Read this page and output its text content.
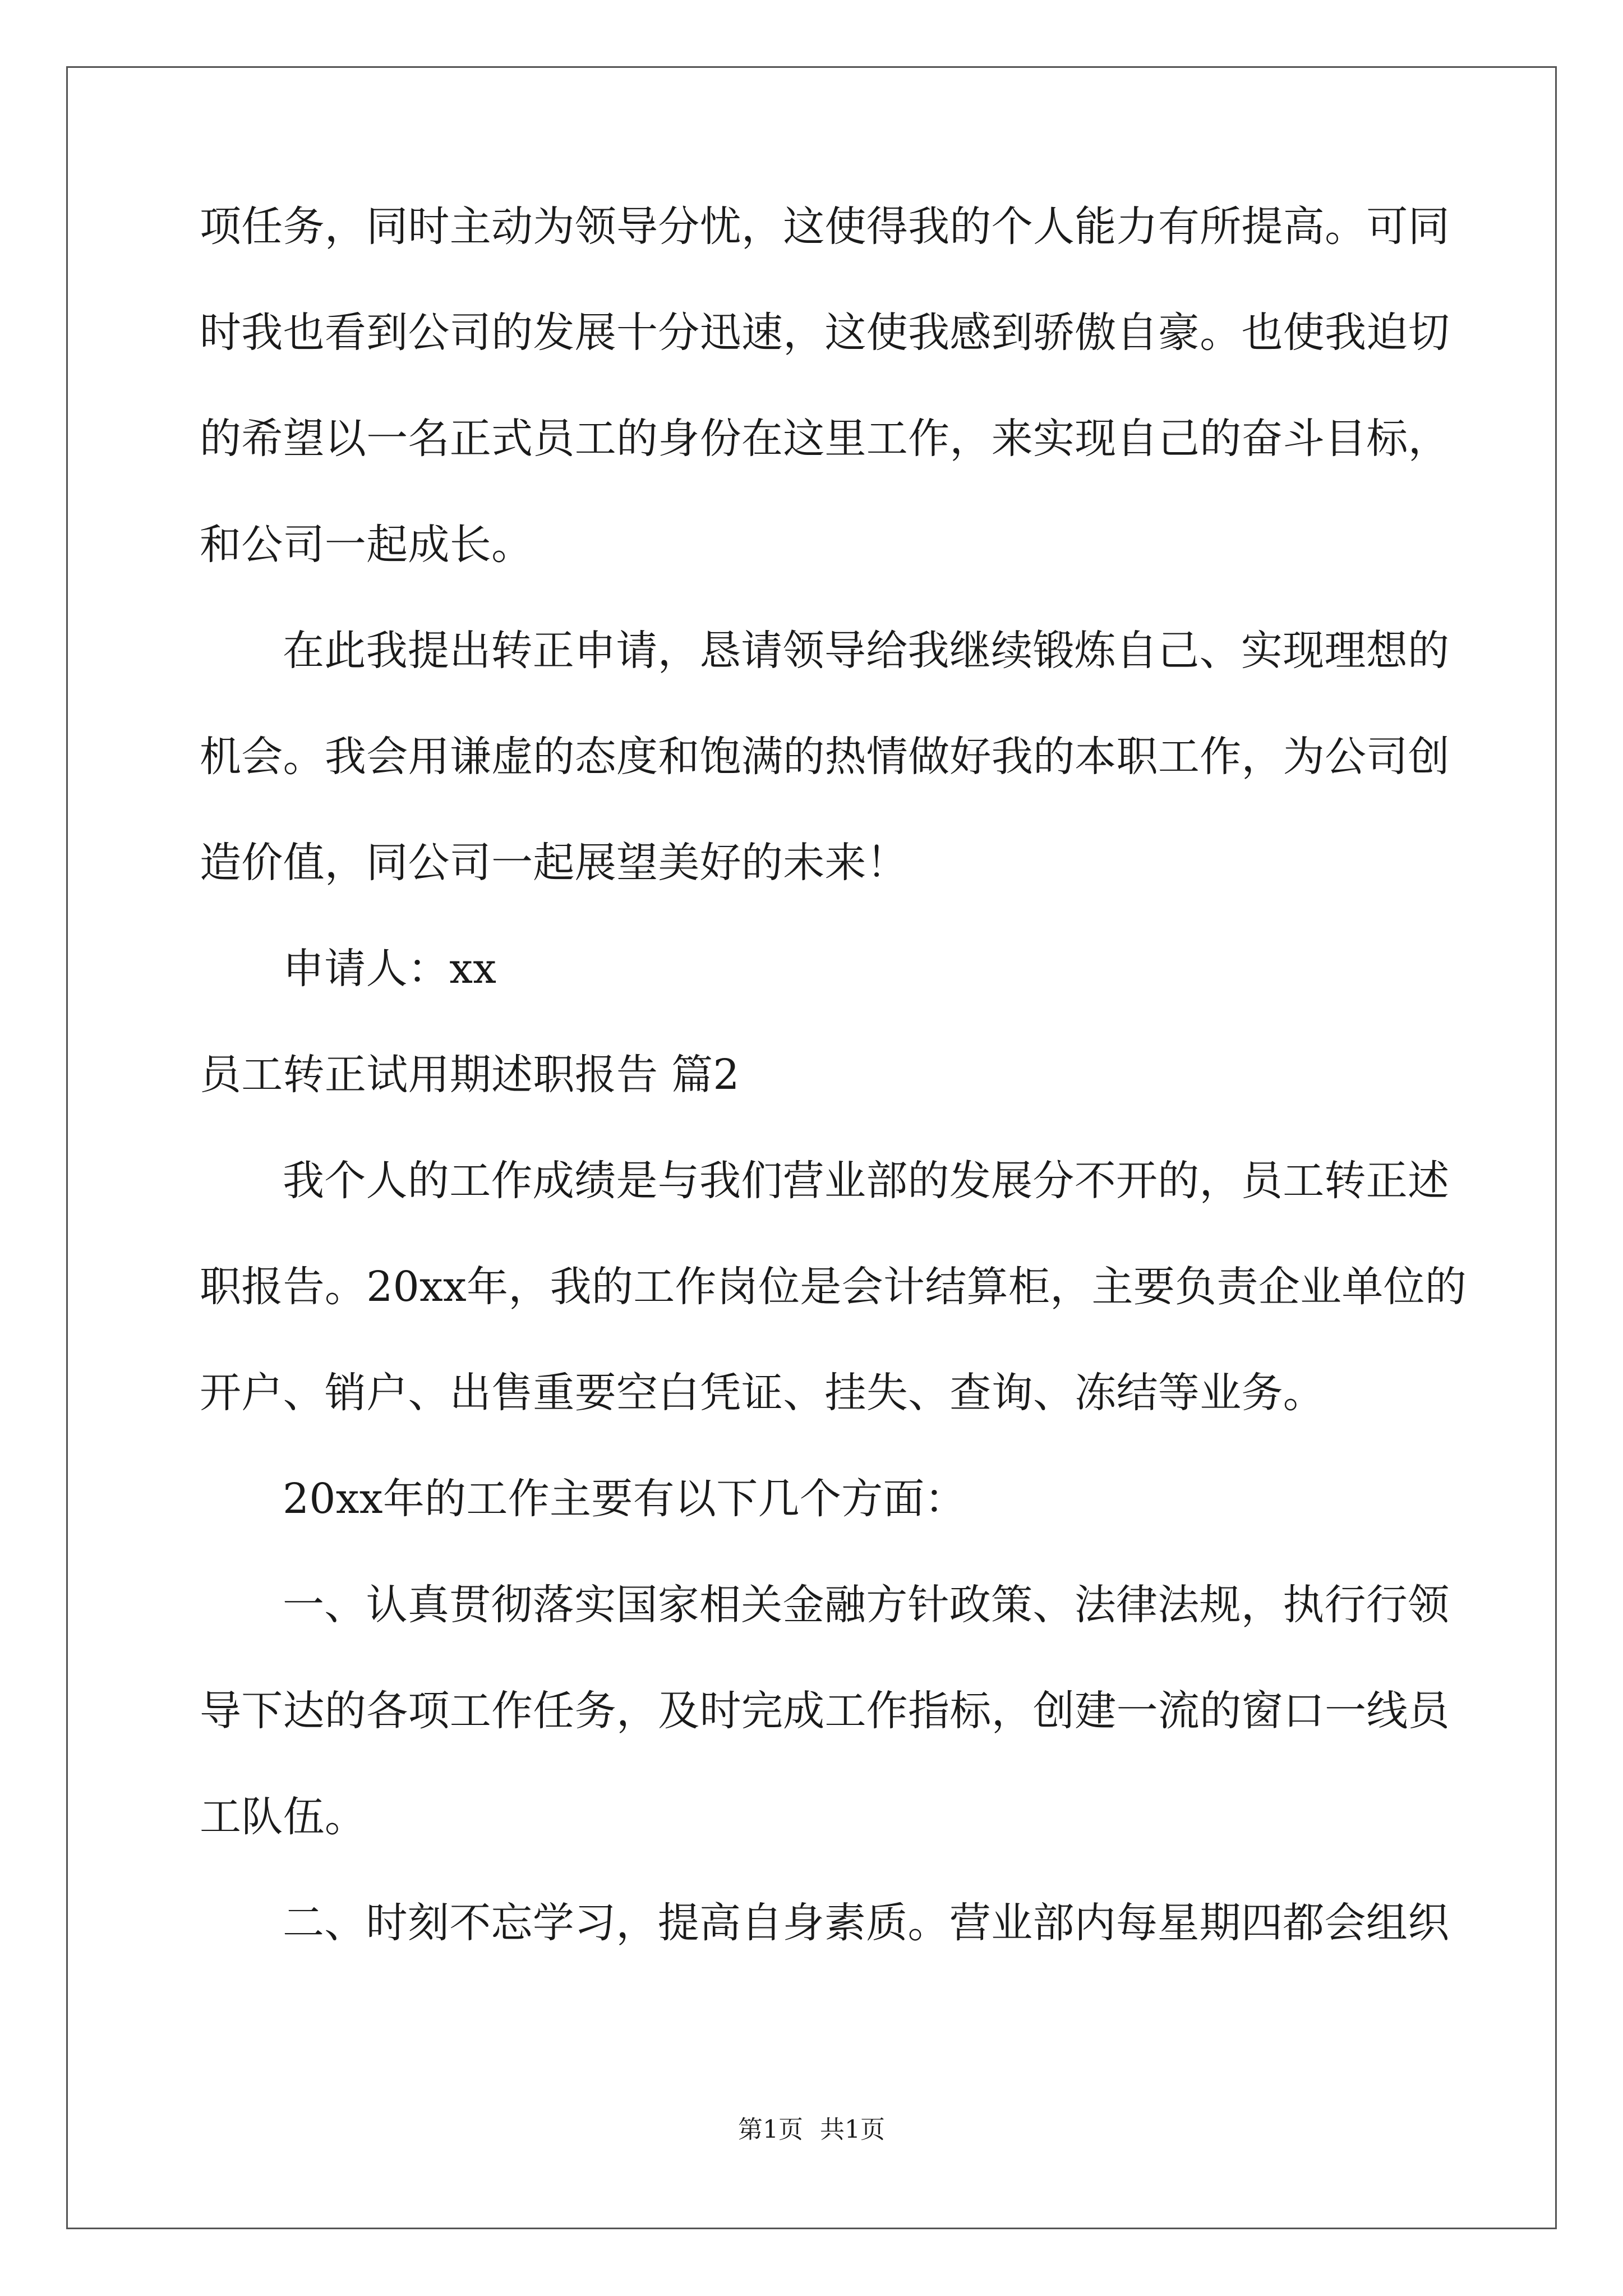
项任务，同时主动为领导分忧，这使得我的个人能力有所提高。可同
时我也看到公司的发展十分迅速，这使我感到骄傲自豪。也使我迫切
的希望以一名正式员工的身份在这里工作，来实现自己的奋斗目标，
和公司一起成长。
在此我提出转正申请，恳请领导给我继续锻炼自己、实现理想的
机会。我会用谦虚的态度和饱满的热情做好我的本职工作，为公司创
造价值，同公司一起展望美好的未来！
申请人：xx
员工转正试用期述职报告 篇2
我个人的工作成绩是与我们营业部的发展分不开的，员工转正述
职报告。20xx年，我的工作岗位是会计结算柜，主要负责企业单位的
开户、销户、出售重要空白凭证、挂失、查询、冻结等业务。
20xx年的工作主要有以下几个方面：
一、认真贯彻落实国家相关金融方针政策、法律法规，执行行领
导下达的各项工作任务，及时完成工作指标，创建一流的窗口一线员
工队伍。
二、时刻不忘学习，提高自身素质。营业部内每星期四都会组织
第1页 共1页
